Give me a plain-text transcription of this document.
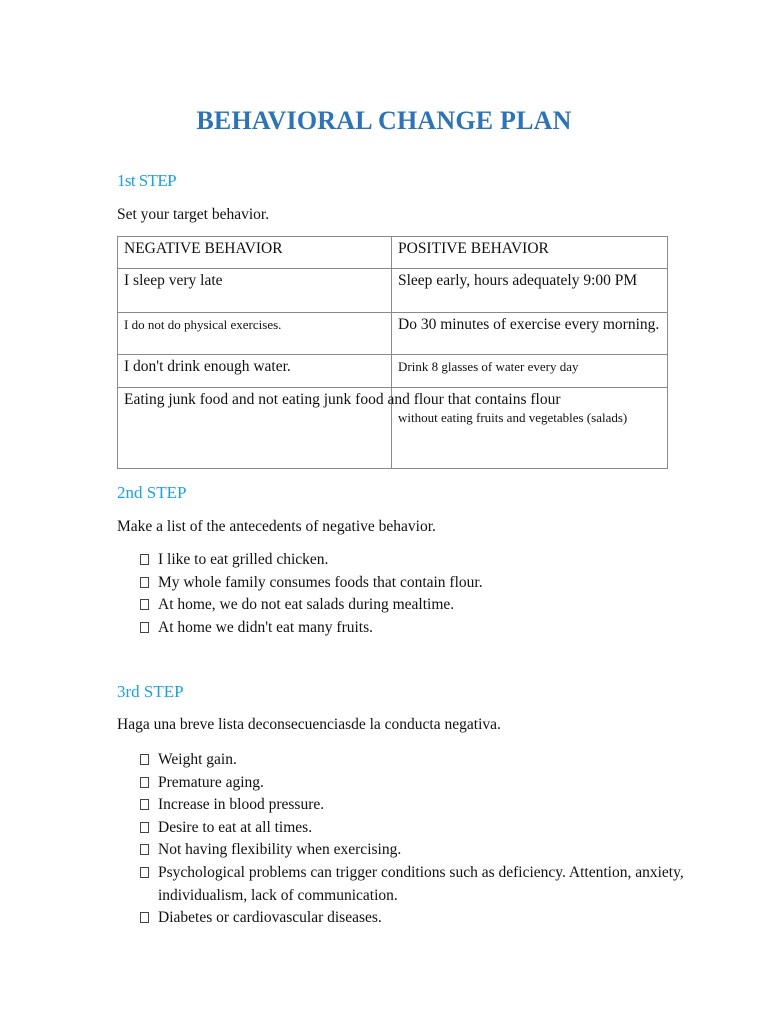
BEHAVIORAL CHANGE PLAN
1st STEP

Set your target behavior.

NEGATIVE BEHAVIOR	POSITIVE BEHAVIOR
I sleep very late	Sleep early, hours adequately 9:00 PM
I do not do physical exercises.	Do 30 minutes of exercise every morning.
I don't drink enough water.	Drink 8 glasses of water every day
Eating junk food and not eating junk food and flour that contains flour	without eating fruits and vegetables (salads)
2nd STEP

Make a list of the antecedents of negative behavior.

I like to eat grilled chicken.
My whole family consumes foods that contain flour.
At home, we do not eat salads during mealtime.
At home we didn't eat many fruits.
3rd STEP

Haga una breve lista deconsecuenciasde la conducta negativa.

Weight gain.
Premature aging.
Increase in blood pressure.
Desire to eat at all times.
Not having flexibility when exercising.
Psychological problems can trigger conditions such as deficiency. Attention, anxiety, individualism, lack of communication.
Diabetes or cardiovascular diseases.
